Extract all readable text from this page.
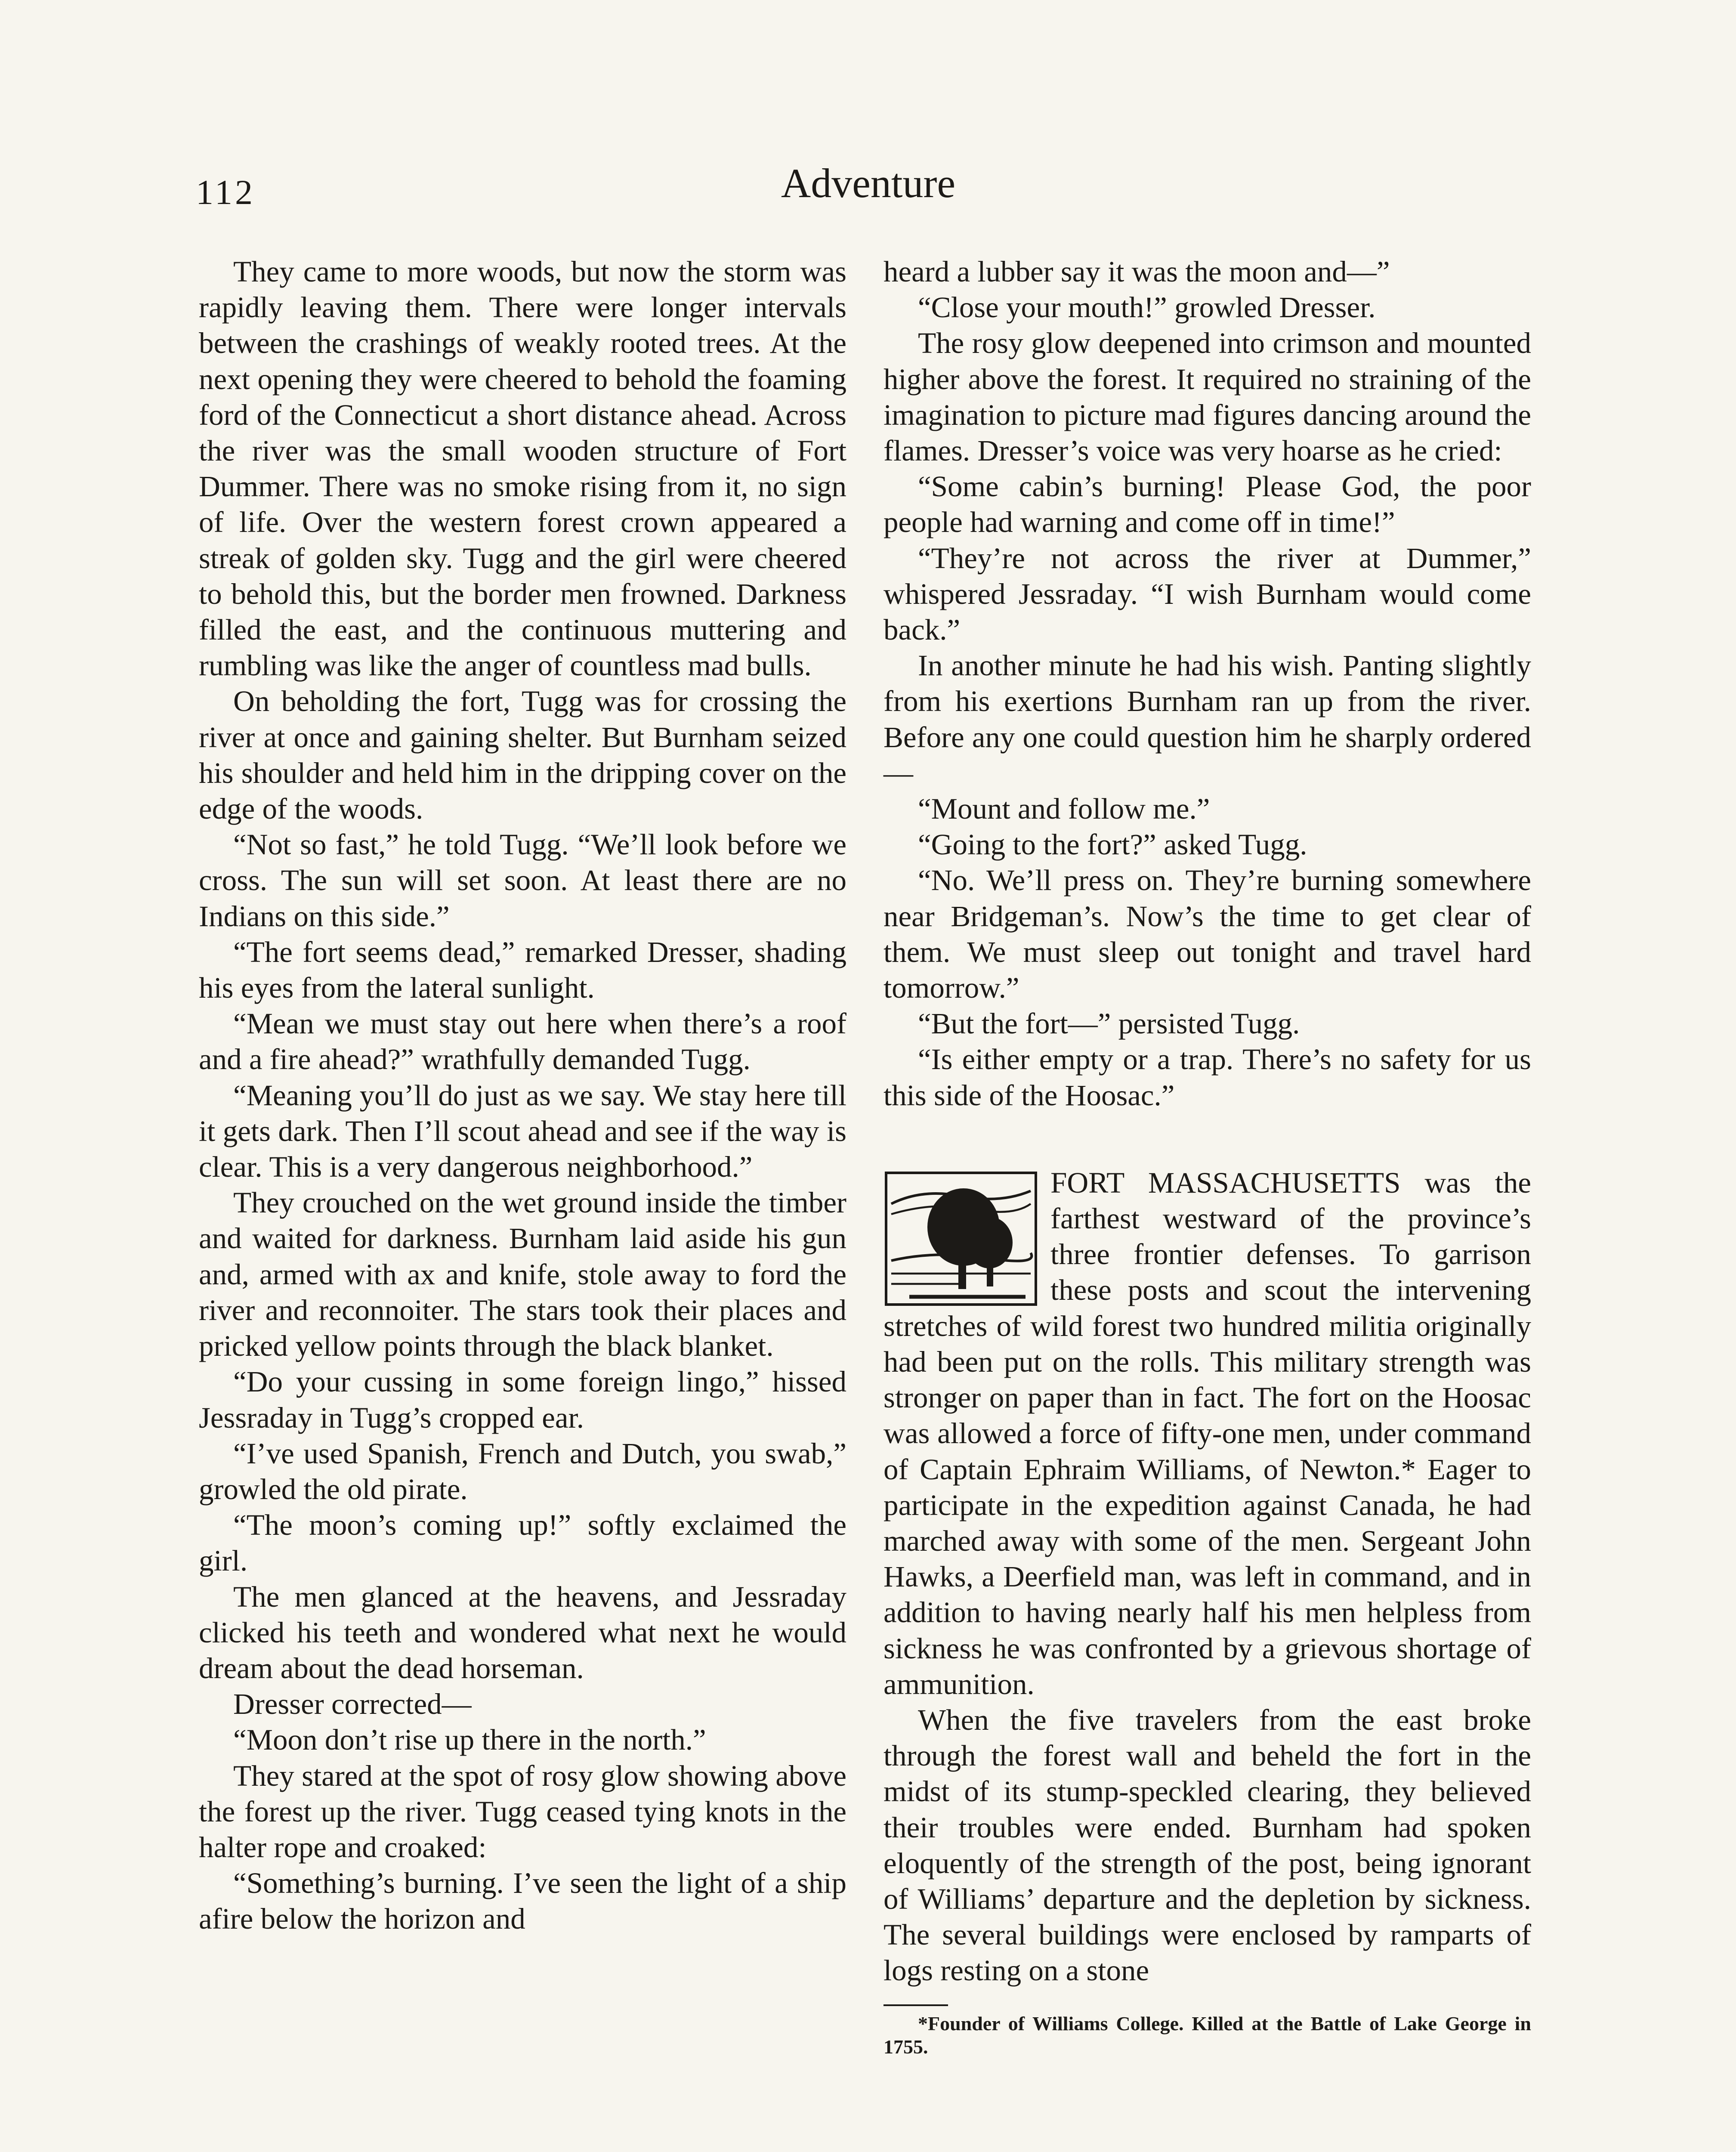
112	Adventure

They came to more woods, but now the storm was rapidly leaving them. There were longer intervals between the crashings of weakly rooted trees. At the next opening they were cheered to behold the foaming ford of the Connecticut a short distance ahead. Across the river was the small wooden structure of Fort Dummer. There was no smoke rising from it, no sign of life. Over the western forest crown appeared a streak of golden sky. Tugg and the girl were cheered to behold this, but the border men frowned. Darkness filled the east, and the continuous muttering and rumbling was like the anger of countless mad bulls.

On beholding the fort, Tugg was for crossing the river at once and gaining shelter. But Burnham seized his shoulder and held him in the dripping cover on the edge of the woods.

“Not so fast,” he told Tugg. “We’ll look before we cross. The sun will set soon. At least there are no Indians on this side.”

“The fort seems dead,” remarked Dresser, shading his eyes from the lateral sunlight.

“Mean we must stay out here when there’s a roof and a fire ahead?” wrathfully demanded Tugg.

“Meaning you’ll do just as we say. We stay here till it gets dark. Then I’ll scout ahead and see if the way is clear. This is a very dangerous neighborhood.”

They crouched on the wet ground inside the timber and waited for darkness. Burnham laid aside his gun and, armed with ax and knife, stole away to ford the river and reconnoiter. The stars took their places and pricked yellow points through the black blanket.

“Do your cussing in some foreign lingo,” hissed Jessraday in Tugg’s cropped ear.

“I’ve used Spanish, French and Dutch, you swab,” growled the old pirate.

“The moon’s coming up!” softly exclaimed the girl.

The men glanced at the heavens, and Jessraday clicked his teeth and wondered what next he would dream about the dead horseman.

Dresser corrected—

“Moon don’t rise up there in the north.”

They stared at the spot of rosy glow showing above the forest up the river. Tugg ceased tying knots in the halter rope and croaked:

“Something’s burning. I’ve seen the light of a ship afire below the horizon and

heard a lubber say it was the moon and—”

“Close your mouth!” growled Dresser.

The rosy glow deepened into crimson and mounted higher above the forest. It required no straining of the imagination to picture mad figures dancing around the flames. Dresser’s voice was very hoarse as he cried:

“Some cabin’s burning! Please God, the poor people had warning and come off in time!”

“They’re not across the river at Dummer,” whispered Jessraday. “I wish Burnham would come back.”

In another minute he had his wish. Panting slightly from his exertions Burnham ran up from the river. Before any one could question him he sharply ordered—

“Mount and follow me.”

“Going to the fort?” asked Tugg.

“No. We’ll press on. They’re burning somewhere near Bridgeman’s. Now’s the time to get clear of them. We must sleep out tonight and travel hard tomorrow.”

“But the fort—” persisted Tugg.

“Is either empty or a trap. There’s no safety for us this side of the Hoosac.”

FORT MASSACHUSETTS was the farthest westward of the province’s three frontier defenses. To garrison these posts and scout the intervening stretches of wild forest two hundred militia originally had been put on the rolls. This military strength was stronger on paper than in fact. The fort on the Hoosac was allowed a force of fifty-one men, under command of Captain Ephraim Williams, of Newton.* Eager to participate in the expedition against Canada, he had marched away with some of the men. Sergeant John Hawks, a Deerfield man, was left in command, and in addition to having nearly half his men helpless from sickness he was confronted by a grievous shortage of ammunition.

When the five travelers from the east broke through the forest wall and beheld the fort in the midst of its stump-speckled clearing, they believed their troubles were ended. Burnham had spoken eloquently of the strength of the post, being ignorant of Williams’ departure and the depletion by sickness. The several buildings were enclosed by ramparts of logs resting on a stone

*Founder of Williams College. Killed at the Battle of Lake George in 1755.
